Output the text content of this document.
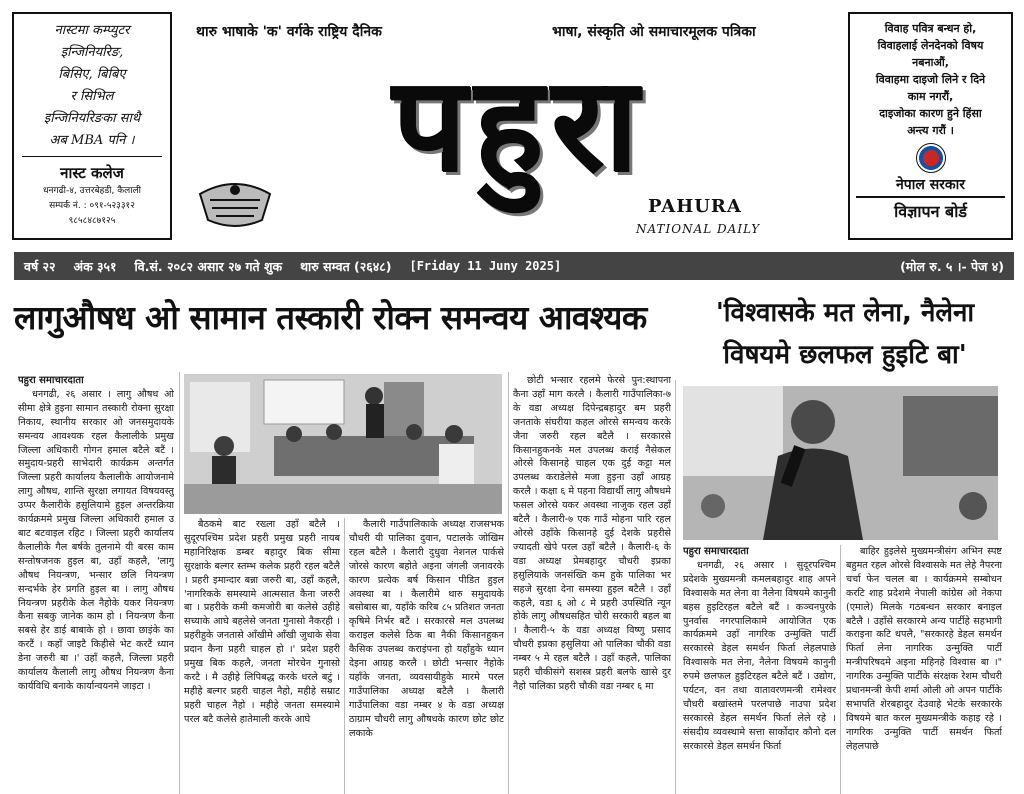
नास्टमा कम्प्युटर
इन्जिनियरिङ,
बिसिए, बिबिए
र सिभिल
इन्जिनियरिङका साथै
अब MBA पनि ।
नास्ट कलेज
धनगढी-४, उत्तरबेहडी, कैलाली
सम्पर्क नं. : ०९१-५२३३१२
९८५८४८७१२५
विवाह पवित्र बन्धन हो,
विवाहलाई लेनदेनको विषय
नबनाऔं,
विवाहमा दाइजो लिने र दिने
काम नगरौं,
दाइजोका कारण हुने हिंसा
अन्त्य गरौं ।
नेपाल सरकार
विज्ञापन बोर्ड
थारु भाषाके 'क' वर्गके राष्ट्रिय दैनिक	भाषा, संस्कृति ओ समाचारमूलक पत्रिका
पहुरा
PAHURA
NATIONAL DAILY
वर्ष २२ अंक ३५१ वि.सं. २०८२ असार २७ गते शुक थारु सम्वत (२६४८) [Friday 11 Juny 2025]	(मोल रु. ५ ।- पेज ४)
लागुऔषध ओ सामान तस्कारी रोक्न समन्वय आवश्यक	'विश्वासके मत लेना, नैलेना विषयमे छलफल हुइटि बा'
पहुरा समाचारदाता

धनगढी, २६ असार । लागु औषध ओ सीमा क्षेत्रे हुइना सामान तस्कारी रोक्ना सुरक्षा निकाय, स्थानीय सरकार ओ जनसमुदायके समन्वय आवश्यक रहल कैलालीके प्रमुख जिल्ला अधिकारी गोगन हमाल बटैले बटैं । समुदाय-प्रहरी साभेदारी कार्यक्रम अन्तर्गत जिल्ला प्रहरी कार्यालय कैलालीके आयोजनामे लागु औषध, शान्ति सुरक्षा लगायत विषयवस्तु उप्पर कैलारीके हसुलियामे हुइल अन्तरक्रिया कार्यक्रममे प्रमुख जिल्ला अधिकारी हमाल उ बाट बटवाइल रहिट । जिल्ला प्रहरी कार्यालय कैलालीके गैल बर्षके तुलनामे यी बरस काम सन्तोषजनक हुइल बा, उहाँ कहलै, 'लागु औषध नियन्त्रण, भन्सार छलि नियन्त्रण सन्दर्भके हेर प्रगति हुइल बा । लागु औषध नियन्त्रण प्रहरीके केल नैहोके यकर नियन्त्रण कैना सबकु जानेक काम हो । नियन्त्रण कैना सबसे हेर डाई बाबाके हो । छावा छाइंके का करटैं । कहाँ जाइटै किहीसे भेट करटैं ध्यान डेना जरुरी बा ।' उहाँ कहलै, जिल्ला प्रहरी कार्यालय कैलाली लागु औषध नियन्त्रण कैना कार्यविधि बनाके कार्यान्वयनमे जाइटा ।

बैठकमे बाट रख्ला उहाँ बटैलै । सुदूरपश्चिम प्रदेश प्रहरी प्रमुख प्रहरी नायब महानिरिक्षक डम्बर बहादुर बिक सीमा सुरक्षाके बल्गर स्तम्भ कलेक प्रहरी रहल बटैलै । प्रहरी इमान्दार बन्ना जरुरी बा, उहाँ कहलै, 'नागरिकके समस्यामे आत्मसात कैना जरुरी बा । प्रहरीके कमी कमजोरी बा कलेसे उहीहे सच्याके आघे बहलेसे जनता गुनासो नैकरही । प्रहरीहुके जनतासे आँखीमे आँखी जुधाके सेवा प्रदान कैना प्रहरी चाहल हो ।' प्रदेश प्रहरी प्रमुख बिक कहलै, जनता मोरचेन गुनासो करटै । मै उहीहे लिपिबद्ध करके धरले बटुं । महीहे बल्गर प्रहरी चाहल नैहो, महीहे सम्राट प्रहरी चाहल नैहो । महीहे जनता समस्यामे परल बटै कलेसे हातेमाली करके आघे

कैलारी गाउँपालिकाके अध्यक्ष राजसभक चौधरी यी पालिका दुवान, पटालके जोखिम रहल बटैलै । कैलारी दुधुवा नेशनल पार्कसे जोरसे कारण बहोते अइना जंगली जनावरके कारण प्रत्येक बर्ष किसान पीडित हुइल अवस्था बा । कैलारीमे थारु समुदायके बसोबास बा, यहाँके करिब ८५ प्रतिशत जनता कृषिमे निर्भर बटैं । सरकारसे मल उपलब्ध कराइल कलेसे ठिक बा नैकी किसानहुकन कैसिक उपलब्ध कराइंपना हो यहाँहुके ध्यान देइना आग्रह करलै । छोटी भन्सार नैहोके यहाँके जनता, व्यवसायीहुके मारमे परल गाउँपालिका अध्यक्ष बटैलै । कैलारी गाउँपालिका वडा नम्बर ४ के वडा अध्यक्ष ठाग्राम चौधरी लागु औषधके कारण छोट छोट लकाके

छोटी भन्सार रहलमे फेरसे पुन:स्थापना कैना उहाँ माग करलै । कैलारी गाउँपालिका-७ के वडा अध्यक्ष दिपेन्द्रबहादुर बम प्रहरी जनताके संघरीया कहल ओरसे समन्वय करके जैना जरुरी रहल बटैलै । सरकारसे किसानहुकनके मल उपलब्ध कराई नैसेकल ओरसे किसानहे चाहल एक दुई कट्टा मल उपलब्ध कराडेलेसे मजा हुइना उहाँ आग्रह करलै । कक्षा ६ मे पहना विद्यार्थी लागु औषधमे फसल ओरसे यकर अवस्था नाजुक रहल उहाँ बटैलै । कैलारी-७ एक गाउँ मोहना पारि रहल ओरसे उहाँके किसानहे दुई देशके प्रहरीसे ज्यादती खेपे परल उहाँ बटैलै । कैलारी-६ के वडा अध्यक्ष प्रेमबहादुर चौधरी इप्रका हसुलियाके जनसंख्ति कम हुके पालिका भर सहजे सुरक्षा देना समस्या हुइल बटैलै । उहाँ कहलै, वडा ६ ओ ८ मे प्रहरी उपस्थिति न्यून होके लागु औषधसहित चोरी सरकारी बहल बा । कैलारी-५ के वडा अध्यक्ष विष्णु प्रसाद चौधरी इप्रका हसुलिया ओ पालिका चौकी वडा नम्बर ५ मे रहल बटैलै । उहाँ कहलै, पालिका प्रहरी चौकीसंगे सशस्त्र प्रहरी बलफे खासे दुर नैहो पालिका प्रहरी चौकी वडा नम्बर ६ मा

पहुरा समाचारदाता

धनगढी, २६ असार । सुदूरपश्चिम प्रदेशके मुख्यमन्त्री कमलबहादुर शाह अपने विश्वासके मत लेना वा नैलेना विषयमे कानुनी बहस हुइटिरहल बटैले बटैं । कञ्चनपुरके पुनर्वास नगरपालिकामे आयोजित एक कार्यक्रममे उहाँ नागरिक उन्मुक्ति पार्टी सरकारसे डेहल समर्थन फिर्ता लेहलपाछे विश्वासके मत लेना, नैलेना विषयमे कानुनी रुपमे छलफल हुइटिरहल बटैले बटैं । उद्योग, पर्यटन, वन तथा वातावरणमन्त्री रामेश्वर चौधरी बखांस्तमे परलपाछे नाउपा प्रदेश सरकारसे डेहल समर्थन फिर्ता लेले रहे । संसदीय व्यवस्थामे सत्ता सार्कोदार कौनो दल सरकारसे डेहल समर्थन फिर्ता

बाहिर हुइलेसे मुख्यमन्त्रीसंग अभिन स्पष्ट बहुमत रहल ओरसे विश्वासके मत लेहे नैपरना चर्चा फेन चलल बा । कार्यक्रममे सम्बोधन करटि शाह प्रदेशमे नेपाली कांग्रेस ओ नेकपा (एमाले) मिलके गठबन्धन सरकार बनाइल बटैलै । उहाँसे सरकारमे अन्य पार्टीहे सहभागी कराइना कटि थपलै, "सरकारहे डेहल समर्थन फिर्ता लेना नागरिक उन्मुक्ति पार्टी मन्त्रीपरिषदमे अइना महिनहे विश्वास बा ।" नागरिक उन्मुक्ति पार्टीके संरक्षक रेशम चौधरी प्रधानमन्त्री केपी शर्मा ओली ओ अपन पार्टीके सभापति शेरबहादुर देउवाहे भेटके सरकारके विषयमे बात करल मुख्यमन्त्रीके कहाइ रहे । नागरिक उन्मुक्ति पार्टी समर्थन फिर्ता लेहलपाछे
